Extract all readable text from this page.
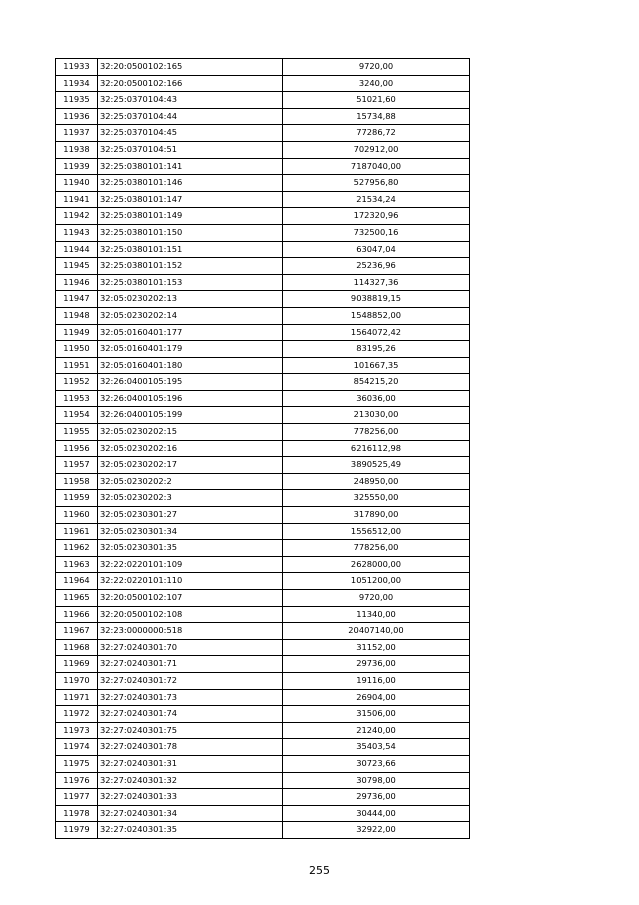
11933	32:20:0500102:165	9720,00
11934	32:20:0500102:166	3240,00
11935	32:25:0370104:43	51021,60
11936	32:25:0370104:44	15734,88
11937	32:25:0370104:45	77286,72
11938	32:25:0370104:51	702912,00
11939	32:25:0380101:141	7187040,00
11940	32:25:0380101:146	527956,80
11941	32:25:0380101:147	21534,24
11942	32:25:0380101:149	172320,96
11943	32:25:0380101:150	732500,16
11944	32:25:0380101:151	63047,04
11945	32:25:0380101:152	25236,96
11946	32:25:0380101:153	114327,36
11947	32:05:0230202:13	9038819,15
11948	32:05:0230202:14	1548852,00
11949	32:05:0160401:177	1564072,42
11950	32:05:0160401:179	83195,26
11951	32:05:0160401:180	101667,35
11952	32:26:0400105:195	854215,20
11953	32:26:0400105:196	36036,00
11954	32:26:0400105:199	213030,00
11955	32:05:0230202:15	778256,00
11956	32:05:0230202:16	6216112,98
11957	32:05:0230202:17	3890525,49
11958	32:05:0230202:2	248950,00
11959	32:05:0230202:3	325550,00
11960	32:05:0230301:27	317890,00
11961	32:05:0230301:34	1556512,00
11962	32:05:0230301:35	778256,00
11963	32:22:0220101:109	2628000,00
11964	32:22:0220101:110	1051200,00
11965	32:20:0500102:107	9720,00
11966	32:20:0500102:108	11340,00
11967	32:23:0000000:518	20407140,00
11968	32:27:0240301:70	31152,00
11969	32:27:0240301:71	29736,00
11970	32:27:0240301:72	19116,00
11971	32:27:0240301:73	26904,00
11972	32:27:0240301:74	31506,00
11973	32:27:0240301:75	21240,00
11974	32:27:0240301:78	35403,54
11975	32:27:0240301:31	30723,66
11976	32:27:0240301:32	30798,00
11977	32:27:0240301:33	29736,00
11978	32:27:0240301:34	30444,00
11979	32:27:0240301:35	32922,00
255
